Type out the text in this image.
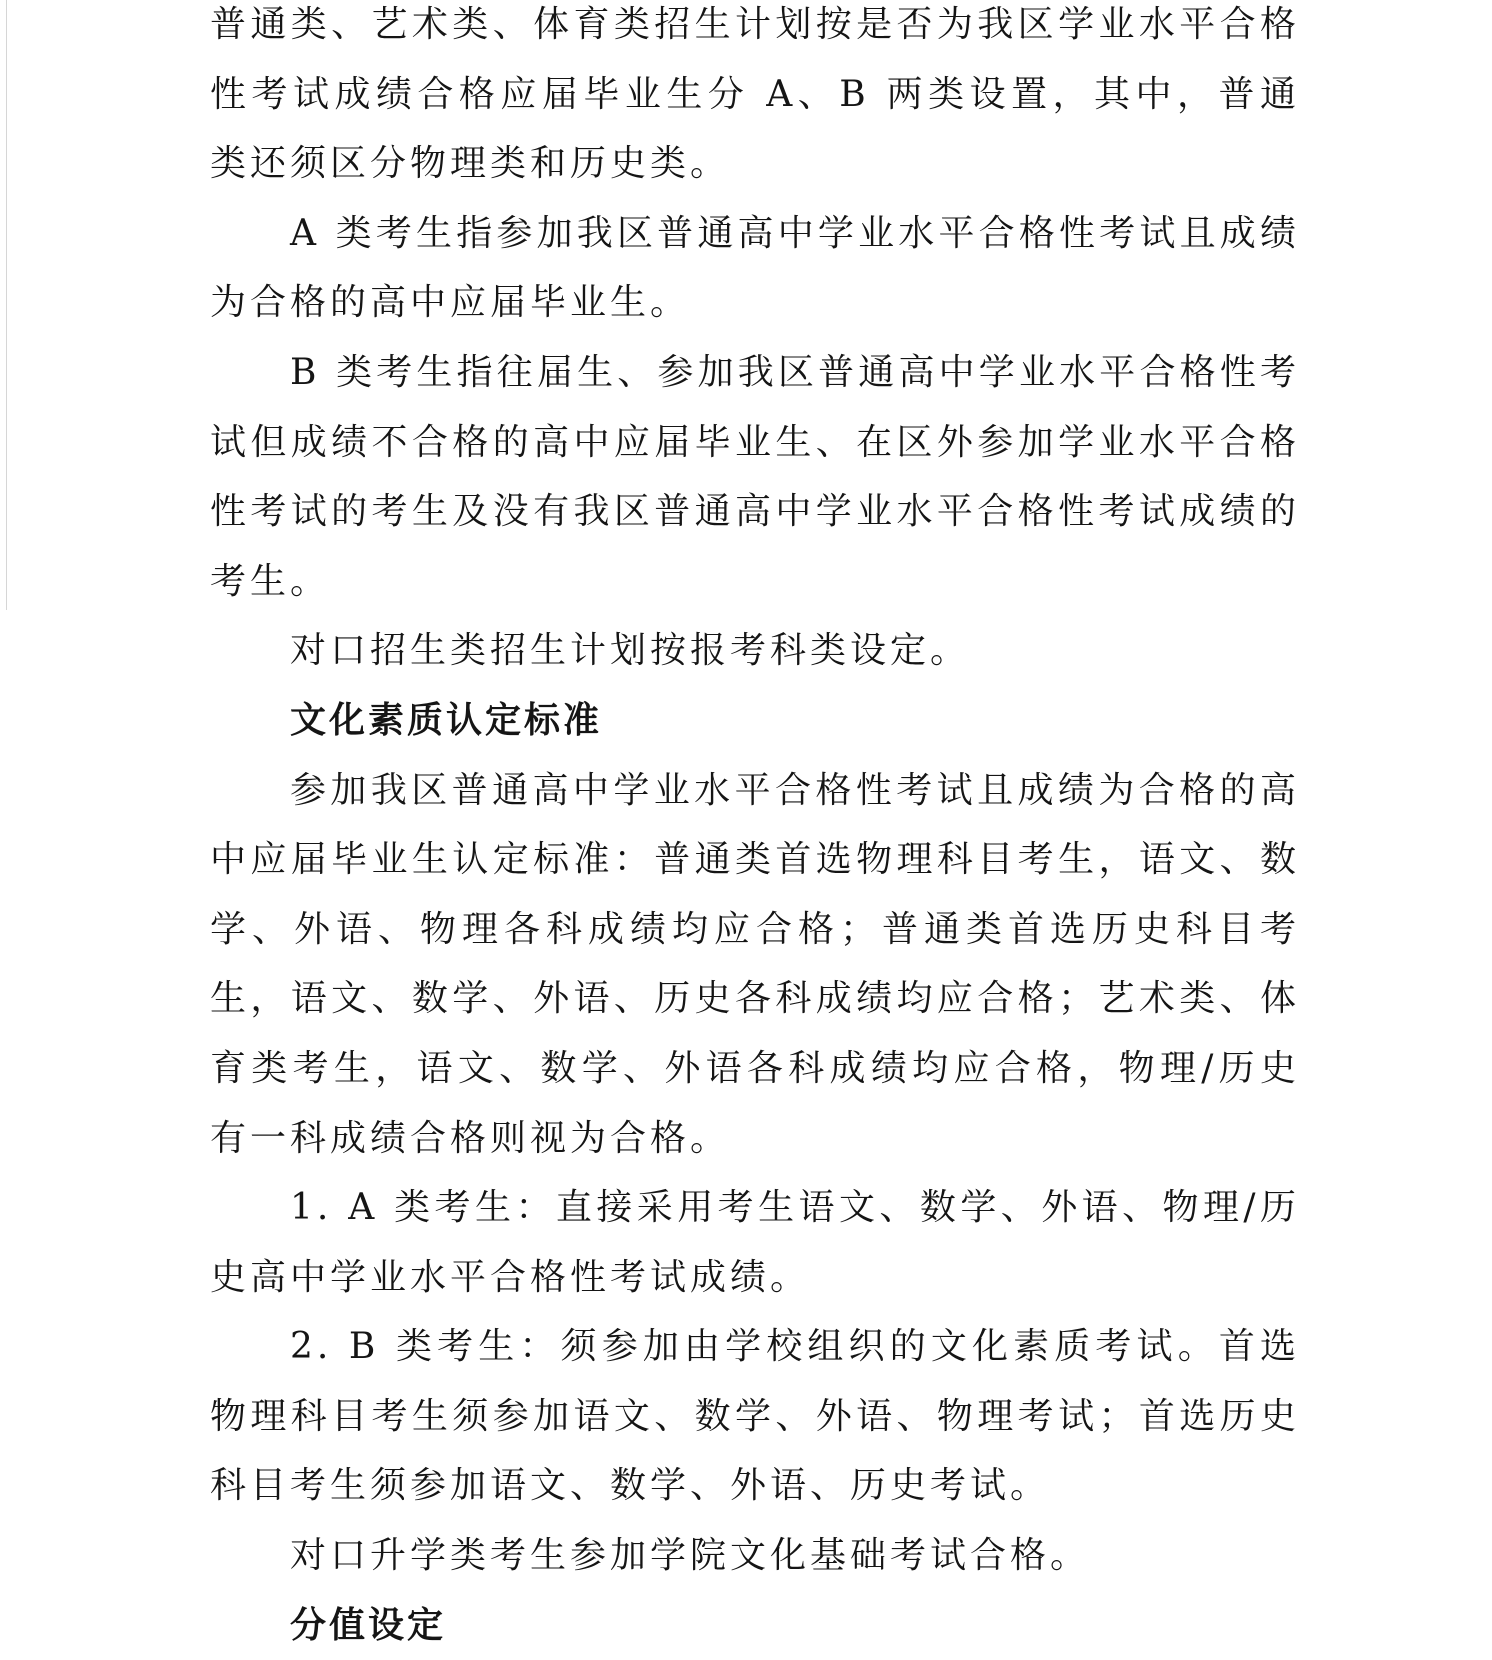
普通类、艺术类、体育类招生计划按是否为我区学业水平合格性考试成绩合格应届毕业生分 A、B 两类设置，其中，普通类还须区分物理类和历史类。

A 类考生指参加我区普通高中学业水平合格性考试且成绩为合格的高中应届毕业生。

B 类考生指往届生、参加我区普通高中学业水平合格性考试但成绩不合格的高中应届毕业生、在区外参加学业水平合格性考试的考生及没有我区普通高中学业水平合格性考试成绩的考生。

对口招生类招生计划按报考科类设定。

文化素质认定标准

参加我区普通高中学业水平合格性考试且成绩为合格的高中应届毕业生认定标准：普通类首选物理科目考生，语文、数学、外语、物理各科成绩均应合格；普通类首选历史科目考生，语文、数学、外语、历史各科成绩均应合格；艺术类、体育类考生，语文、数学、外语各科成绩均应合格，物理/历史有一科成绩合格则视为合格。

1. A 类考生：直接采用考生语文、数学、外语、物理/历史高中学业水平合格性考试成绩。

2. B 类考生：须参加由学校组织的文化素质考试。首选物理科目考生须参加语文、数学、外语、物理考试；首选历史科目考生须参加语文、数学、外语、历史考试。

对口升学类考生参加学院文化基础考试合格。

分值设定
